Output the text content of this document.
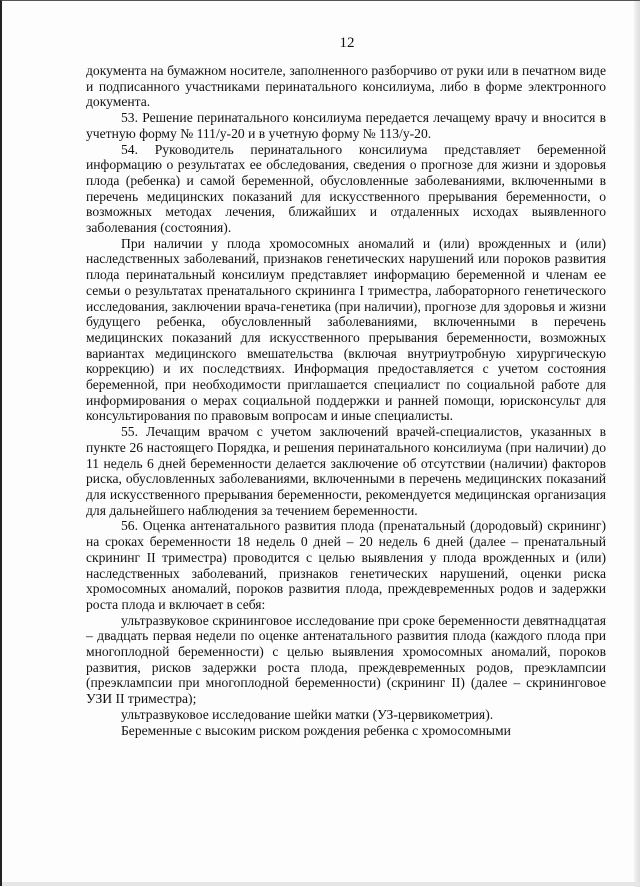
12

документа на бумажном носителе, заполненного разборчиво от руки или в печатном виде и подписанного участниками перинатального консилиума, либо в форме электронного документа.

53. Решение перинатального консилиума передается лечащему врачу и вносится в учетную форму № 111/у-20 и в учетную форму № 113/у-20.

54. Руководитель перинатального консилиума представляет беременной информацию о результатах ее обследования, сведения о прогнозе для жизни и здоровья плода (ребенка) и самой беременной, обусловленные заболеваниями, включенными в перечень медицинских показаний для искусственного прерывания беременности, о возможных методах лечения, ближайших и отдаленных исходах выявленного заболевания (состояния).

При наличии у плода хромосомных аномалий и (или) врожденных и (или) наследственных заболеваний, признаков генетических нарушений или пороков развития плода перинатальный консилиум представляет информацию беременной и членам ее семьи о результатах пренатального скрининга I триместра, лабораторного генетического исследования, заключении врача-генетика (при наличии), прогнозе для здоровья и жизни будущего ребенка, обусловленный заболеваниями, включенными в перечень медицинских показаний для искусственного прерывания беременности, возможных вариантах медицинского вмешательства (включая внутриутробную хирургическую коррекцию) и их последствиях. Информация предоставляется с учетом состояния беременной, при необходимости приглашается специалист по социальной работе для информирования о мерах социальной поддержки и ранней помощи, юрисконсульт для консультирования по правовым вопросам и иные специалисты.

55. Лечащим врачом с учетом заключений врачей-специалистов, указанных в пункте 26 настоящего Порядка, и решения перинатального консилиума (при наличии) до 11 недель 6 дней беременности делается заключение об отсутствии (наличии) факторов риска, обусловленных заболеваниями, включенными в перечень медицинских показаний для искусственного прерывания беременности, рекомендуется медицинская организация для дальнейшего наблюдения за течением беременности.

56. Оценка антенатального развития плода (пренатальный (дородовый) скрининг) на сроках беременности 18 недель 0 дней – 20 недель 6 дней (далее – пренатальный скрининг II триместра) проводится с целью выявления у плода врожденных и (или) наследственных заболеваний, признаков генетических нарушений, оценки риска хромосомных аномалий, пороков развития плода, преждевременных родов и задержки роста плода и включает в себя:

ультразвуковое скрининговое исследование при сроке беременности девятнадцатая – двадцать первая недели по оценке антенатального развития плода (каждого плода при многоплодной беременности) с целью выявления хромосомных аномалий, пороков развития, рисков задержки роста плода, преждевременных родов, преэклампсии (преэклампсии при многоплодной беременности) (скрининг II) (далее – скрининговое УЗИ II триместра);

ультразвуковое исследование шейки матки (УЗ-цервикометрия).

Беременные с высоким риском рождения ребенка с хромосомными
